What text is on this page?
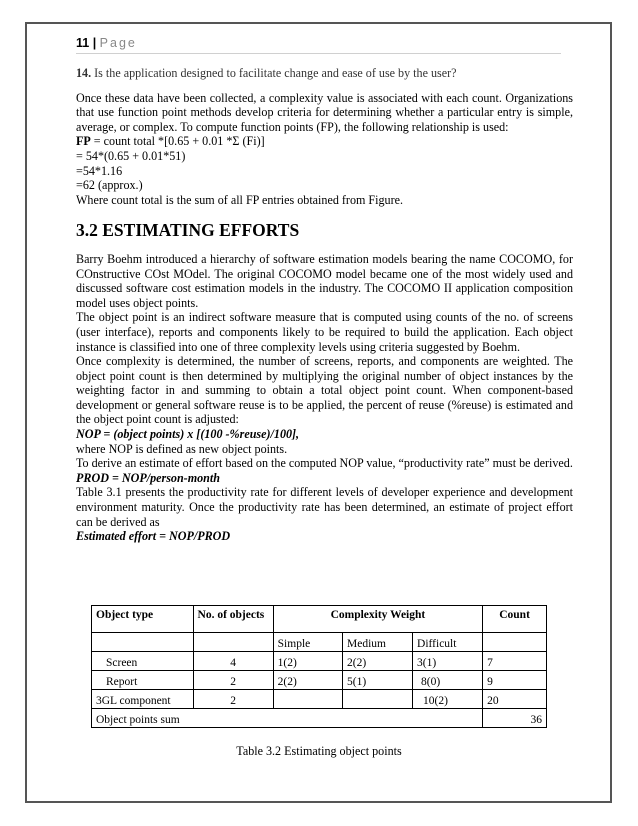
11 | Page

14. Is the application designed to facilitate change and ease of use by the user?

Once these data have been collected, a complexity value is associated with each count. Organizations that use function point methods develop criteria for determining whether a particular entry is simple, average, or complex. To compute function points (FP), the following relationship is used:

FP = count total *[0.65 + 0.01 *Σ (Fi)]

= 54*(0.65 + 0.01*51)

=54*1.16

=62 (approx.)

Where count total is the sum of all FP entries obtained from Figure.

3.2 ESTIMATING EFFORTS

Barry Boehm introduced a hierarchy of software estimation models bearing the name COCOMO, for COnstructive COst MOdel. The original COCOMO model became one of the most widely used and discussed software cost estimation models in the industry. The COCOMO II application composition model uses object points.

The object point is an indirect software measure that is computed using counts of the no. of screens (user interface), reports and components likely to be required to build the application. Each object instance is classified into one of three complexity levels using criteria suggested by Boehm.

Once complexity is determined, the number of screens, reports, and components are weighted. The object point count is then determined by multiplying the original number of object instances by the weighting factor in and summing to obtain a total object point count. When component-based development or general software reuse is to be applied, the percent of reuse (%reuse) is estimated and the object point count is adjusted:

NOP = (object points) x [(100 -%reuse)/100],

where NOP is defined as new object points.

To derive an estimate of effort based on the computed NOP value, “productivity rate” must be derived.

PROD = NOP/person-month

Table 3.1 presents the productivity rate for different levels of developer experience and development environment maturity. Once the productivity rate has been determined, an estimate of project effort can be derived as

Estimated effort = NOP/PROD

Object type	No. of objects	Complexity Weight			Count
		Simple	Medium	Difficult	
Screen	4	1(2)	2(2)	3(1)	7
Report	2	2(2)	5(1)	8(0)	9
3GL component	2			10(2)	20
Object points sum					36
Table 3.2 Estimating object points
